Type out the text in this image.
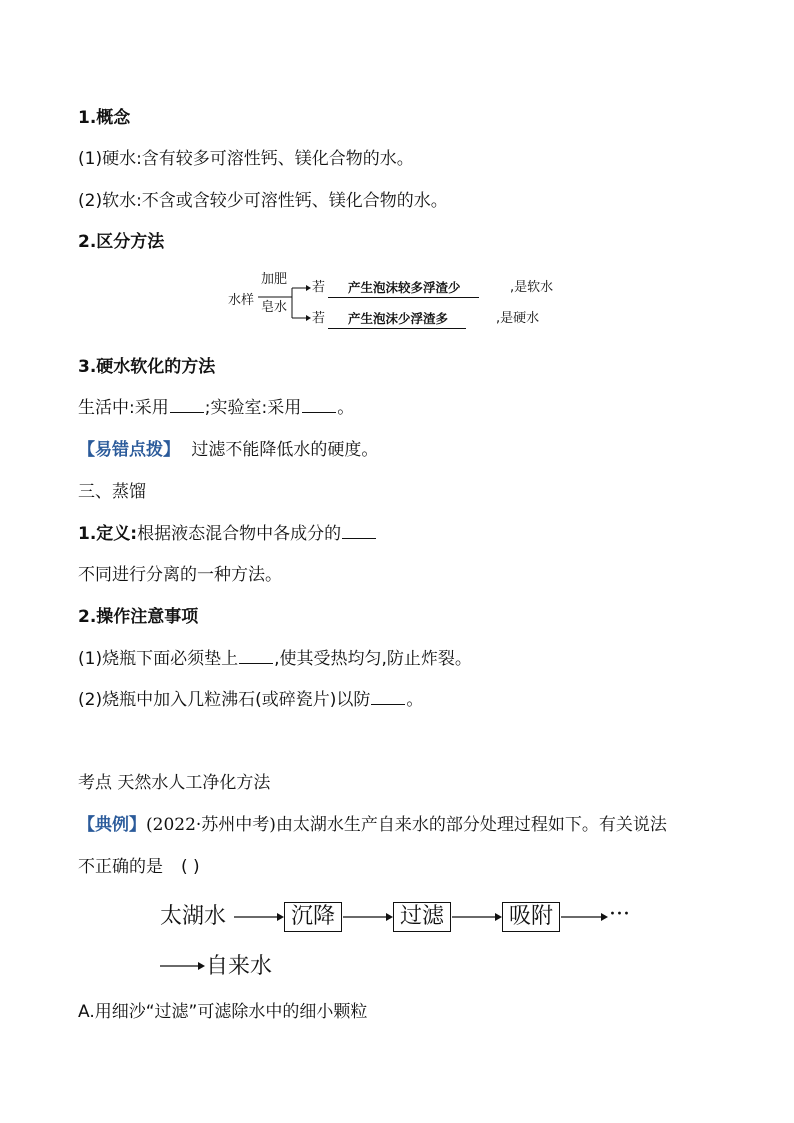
1.概念
(1)硬水:含有较多可溶性钙、镁化合物的水。
(2)软水:不含或含较少可溶性钙、镁化合物的水。
2.区分方法
水样
加肥
皂水
若	产生泡沫较多浮渣少	,是软水
若	产生泡沫少浮渣多	,是硬水
3.硬水软化的方法
生活中:采用 ;实验室:采用 。
【易错点拨】 过滤不能降低水的硬度。
三、蒸馏
1.定义:根据液态混合物中各成分的
不同进行分离的一种方法。
2.操作注意事项
(1)烧瓶下面必须垫上 ,使其受热均匀,防止炸裂。
(2)烧瓶中加入几粒沸石(或碎瓷片)以防 。
考点 天然水人工净化方法
【典例】(2022·苏州中考)由太湖水生产自来水的部分处理过程如下。有关说法
不正确的是 ( )
太湖水	沉降	过滤	吸附	···
自来水
A.用细沙“过滤”可滤除水中的细小颗粒
